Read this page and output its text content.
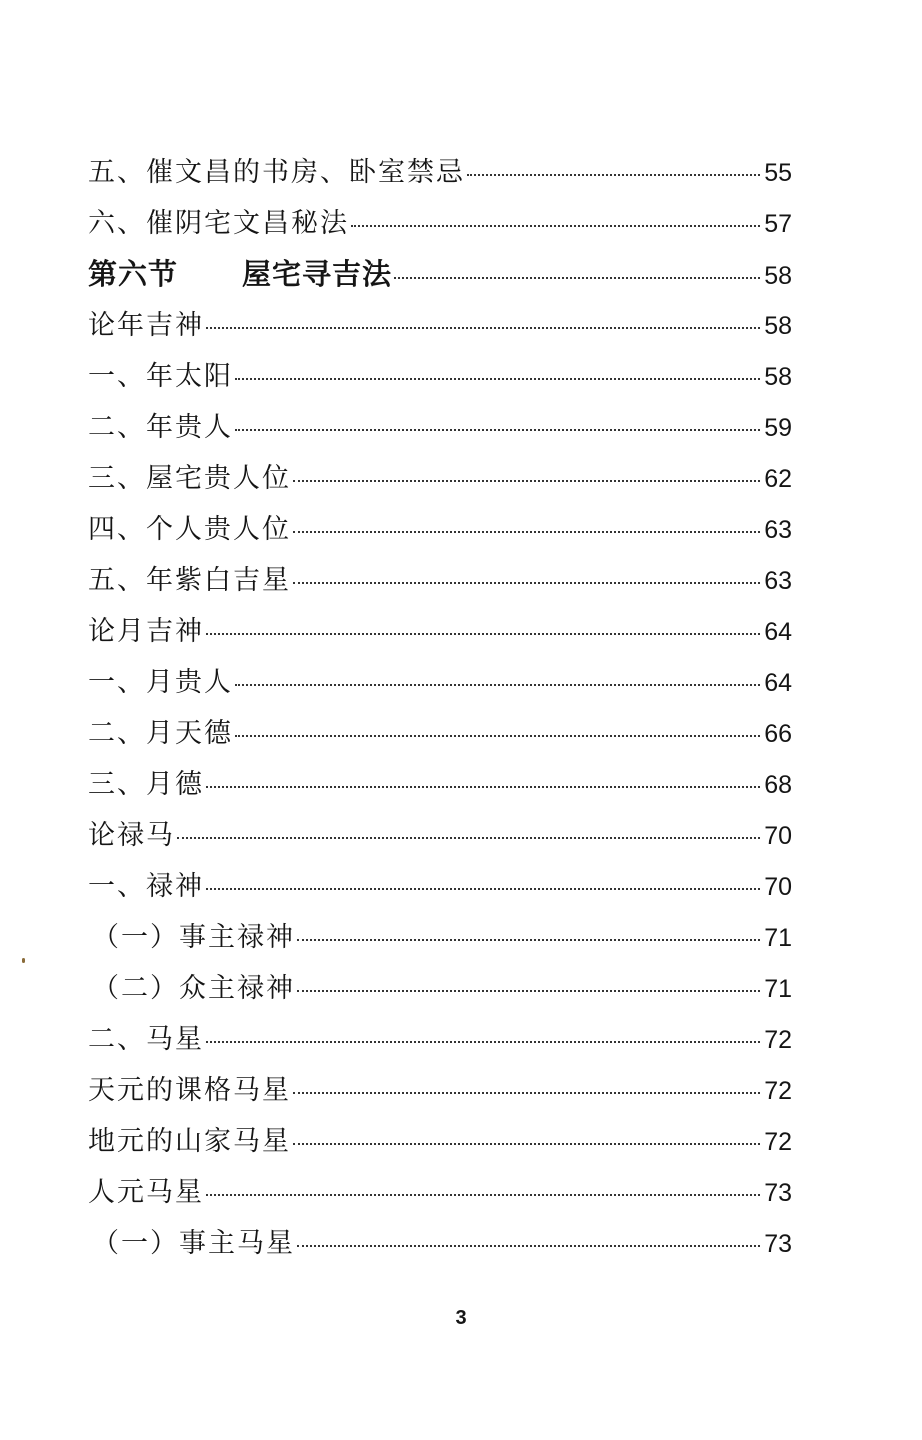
五、催文昌的书房、卧室禁忌	55
六、催阴宅文昌秘法	57
第六节 屋宅寻吉法	58
论年吉神	58
一、年太阳	58
二、年贵人	59
三、屋宅贵人位	62
四、个人贵人位	63
五、年紫白吉星	63
论月吉神	64
一、月贵人	64
二、月天德	66
三、月德	68
论禄马	70
一、禄神	70
（一）事主禄神	71
（二）众主禄神	71
二、马星	72
天元的课格马星	72
地元的山家马星	72
人元马星	73
（一）事主马星	73
3
